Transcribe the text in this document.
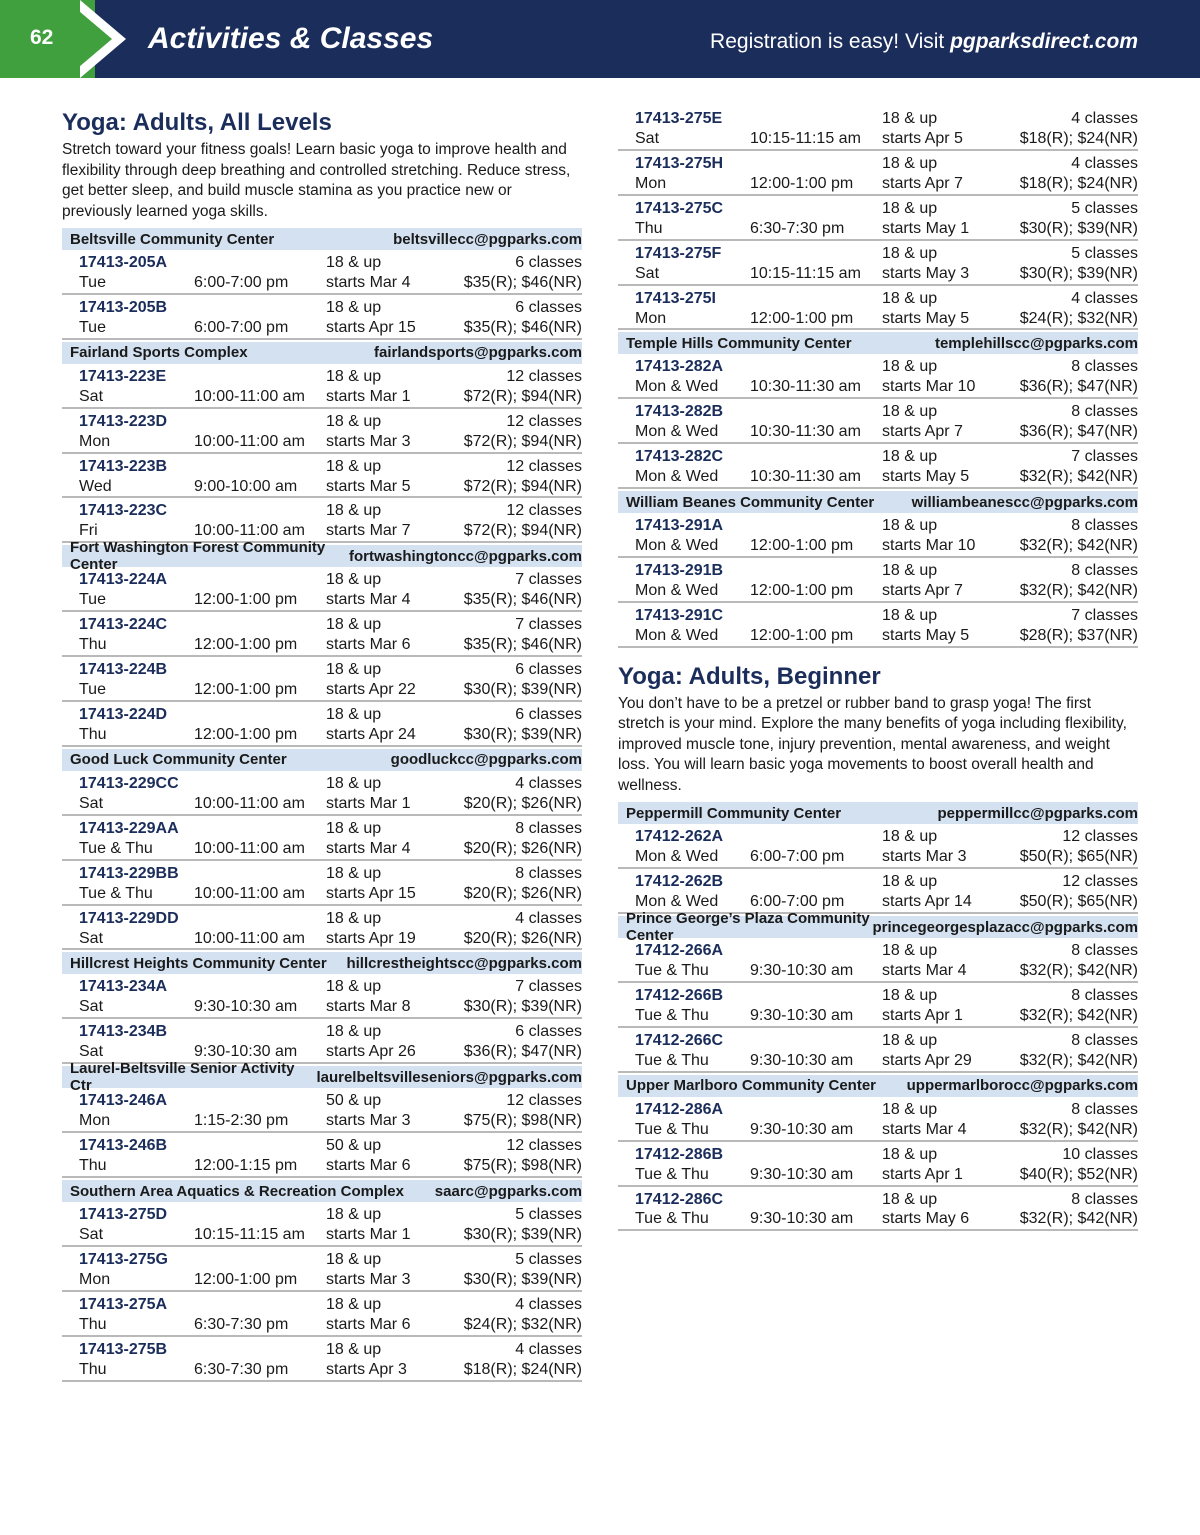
62	Activities & Classes	Registration is easy! Visit pgparksdirect.com
Yoga: Adults, All Levels
Stretch toward your fitness goals! Learn basic yoga to improve health and flexibility through deep breathing and controlled stretching. Reduce stress, get better sleep, and build muscle stamina as you practice new or previously learned yoga skills.
Beltsville Community Center	beltsvillecc@pgparks.com
17413-205A	18 & up	6 classes
Tue	6:00-7:00 pm	starts Mar 4	$35(R); $46(NR)
17413-205B	18 & up	6 classes
Tue	6:00-7:00 pm	starts Apr 15	$35(R); $46(NR)
Fairland Sports Complex	fairlandsports@pgparks.com
17413-223E	18 & up	12 classes
Sat	10:00-11:00 am	starts Mar 1	$72(R); $94(NR)
17413-223D	18 & up	12 classes
Mon	10:00-11:00 am	starts Mar 3	$72(R); $94(NR)
17413-223B	18 & up	12 classes
Wed	9:00-10:00 am	starts Mar 5	$72(R); $94(NR)
17413-223C	18 & up	12 classes
Fri	10:00-11:00 am	starts Mar 7	$72(R); $94(NR)
Fort Washington Forest Community Center	fortwashingtoncc@pgparks.com
17413-224A	18 & up	7 classes
Tue	12:00-1:00 pm	starts Mar 4	$35(R); $46(NR)
17413-224C	18 & up	7 classes
Thu	12:00-1:00 pm	starts Mar 6	$35(R); $46(NR)
17413-224B	18 & up	6 classes
Tue	12:00-1:00 pm	starts Apr 22	$30(R); $39(NR)
17413-224D	18 & up	6 classes
Thu	12:00-1:00 pm	starts Apr 24	$30(R); $39(NR)
Good Luck Community Center	goodluckcc@pgparks.com
17413-229CC	18 & up	4 classes
Sat	10:00-11:00 am	starts Mar 1	$20(R); $26(NR)
17413-229AA	18 & up	8 classes
Tue & Thu	10:00-11:00 am	starts Mar 4	$20(R); $26(NR)
17413-229BB	18 & up	8 classes
Tue & Thu	10:00-11:00 am	starts Apr 15	$20(R); $26(NR)
17413-229DD	18 & up	4 classes
Sat	10:00-11:00 am	starts Apr 19	$20(R); $26(NR)
Hillcrest Heights Community Center hillcrestheightscc@pgparks.com
17413-234A	18 & up	7 classes
Sat	9:30-10:30 am	starts Mar 8	$30(R); $39(NR)
17413-234B	18 & up	6 classes
Sat	9:30-10:30 am	starts Apr 26	$36(R); $47(NR)
Laurel-Beltsville Senior Activity Ctr	laurelbeltsvilleseniors@pgparks.com
17413-246A	50 & up	12 classes
Mon	1:15-2:30 pm	starts Mar 3	$75(R); $98(NR)
17413-246B	50 & up	12 classes
Thu	12:00-1:15 pm	starts Mar 6	$75(R); $98(NR)
Southern Area Aquatics & Recreation Complex saarc@pgparks.com
17413-275D	18 & up	5 classes
Sat	10:15-11:15 am	starts Mar 1	$30(R); $39(NR)
17413-275G	18 & up	5 classes
Mon	12:00-1:00 pm	starts Mar 3	$30(R); $39(NR)
17413-275A	18 & up	4 classes
Thu	6:30-7:30 pm	starts Mar 6	$24(R); $32(NR)
17413-275B	18 & up	4 classes
Thu	6:30-7:30 pm	starts Apr 3	$18(R); $24(NR)
17413-275E	18 & up	4 classes
Sat	10:15-11:15 am	starts Apr 5	$18(R); $24(NR)
17413-275H	18 & up	4 classes
Mon	12:00-1:00 pm	starts Apr 7	$18(R); $24(NR)
17413-275C	18 & up	5 classes
Thu	6:30-7:30 pm	starts May 1	$30(R); $39(NR)
17413-275F	18 & up	5 classes
Sat	10:15-11:15 am	starts May 3	$30(R); $39(NR)
17413-275I	18 & up	4 classes
Mon	12:00-1:00 pm	starts May 5	$24(R); $32(NR)
Temple Hills Community Center	templehillscc@pgparks.com
17413-282A	18 & up	8 classes
Mon & Wed	10:30-11:30 am	starts Mar 10	$36(R); $47(NR)
17413-282B	18 & up	8 classes
Mon & Wed	10:30-11:30 am	starts Apr 7	$36(R); $47(NR)
17413-282C	18 & up	7 classes
Mon & Wed	10:30-11:30 am	starts May 5	$32(R); $42(NR)
William Beanes Community Center williambeanescc@pgparks.com
17413-291A	18 & up	8 classes
Mon & Wed	12:00-1:00 pm	starts Mar 10	$32(R); $42(NR)
17413-291B	18 & up	8 classes
Mon & Wed	12:00-1:00 pm	starts Apr 7	$32(R); $42(NR)
17413-291C	18 & up	7 classes
Mon & Wed	12:00-1:00 pm	starts May 5	$28(R); $37(NR)
Yoga: Adults, Beginner
You don’t have to be a pretzel or rubber band to grasp yoga! The first stretch is your mind. Explore the many benefits of yoga including flexibility, improved muscle tone, injury prevention, mental awareness, and weight loss. You will learn basic yoga movements to boost overall health and wellness.
Peppermill Community Center	peppermillcc@pgparks.com
17412-262A	18 & up	12 classes
Mon & Wed	6:00-7:00 pm	starts Mar 3	$50(R); $65(NR)
17412-262B	18 & up	12 classes
Mon & Wed	6:00-7:00 pm	starts Apr 14	$50(R); $65(NR)
Prince George’s Plaza Community Center	princegeorgesplazacc@pgparks.com
17412-266A	18 & up	8 classes
Tue & Thu	9:30-10:30 am	starts Mar 4	$32(R); $42(NR)
17412-266B	18 & up	8 classes
Tue & Thu	9:30-10:30 am	starts Apr 1	$32(R); $42(NR)
17412-266C	18 & up	8 classes
Tue & Thu	9:30-10:30 am	starts Apr 29	$32(R); $42(NR)
Upper Marlboro Community Center uppermarlborocc@pgparks.com
17412-286A	18 & up	8 classes
Tue & Thu	9:30-10:30 am	starts Mar 4	$32(R); $42(NR)
17412-286B	18 & up	10 classes
Tue & Thu	9:30-10:30 am	starts Apr 1	$40(R); $52(NR)
17412-286C	18 & up	8 classes
Tue & Thu	9:30-10:30 am	starts May 6	$32(R); $42(NR)
